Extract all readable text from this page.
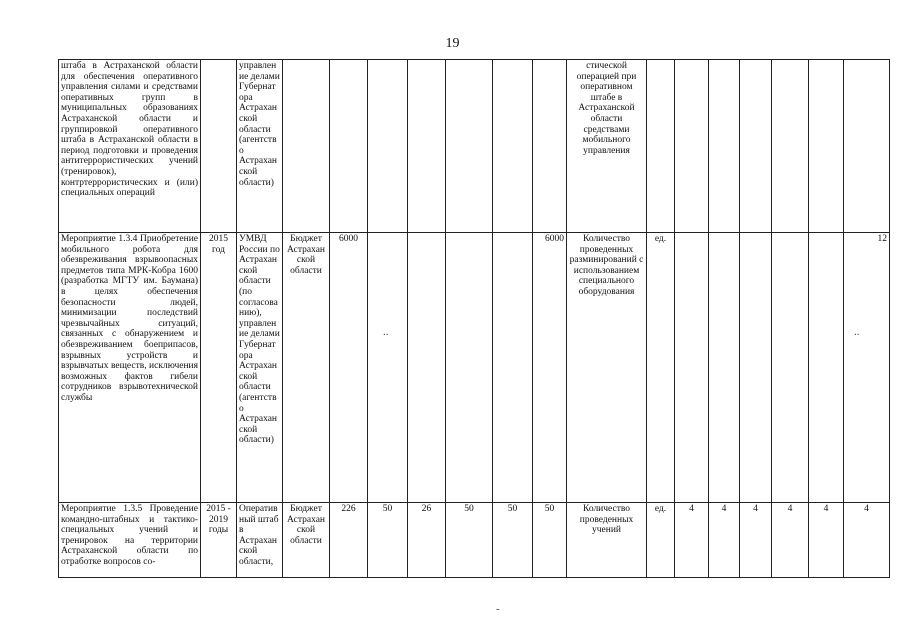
19
штаба в Астраханской области для обеспечения оперативного управления силами и средствами оперативных групп в муниципальных образованиях Астраханской области и группировкой оперативного штаба в Астраханской области в период подготовки и проведения антитеррористических учений (тренировок), контртеррористических и (или) специальных операций		управление делами Губернатора Астраханской области (агентство Астраханской области)								стической операцией при оперативном штабе в Астраханской области средствами мобильного управления							
Мероприятие 1.3.4 Приобретение мобильного робота для обезвреживания взрывоопасных предметов типа МРК-Кобра 1600 (разработка МГТУ им. Баумана) в целях обеспечения безопасности людей, минимизации последствий чрезвычайных ситуаций, связанных с обнаружением и обезвреживанием боеприпасов, взрывных устройств и взрывчатых веществ, исключения возможных фактов гибели сотрудников взрывотехнической службы	2015 год	УМВД России по Астраханской области (по согласованию), управление делами Губернатора Астраханской области (агентство Астраханской области)	Бюджет Астраханской области	6000					6000	Количество проведенных разминирований с использованием специального оборудования	ед.						12
Мероприятие 1.3.5 Проведение командно-штабных и тактико-специальных учений и тренировок на территории Астраханской области по отработке вопросов со-	2015 - 2019 годы	Оперативный штаб в Астраханской области,	Бюджет Астраханской области	226	50	26	50	50	50	Количество проведенных учений	ед.	4	4	4	4	4	4
..	..
-
